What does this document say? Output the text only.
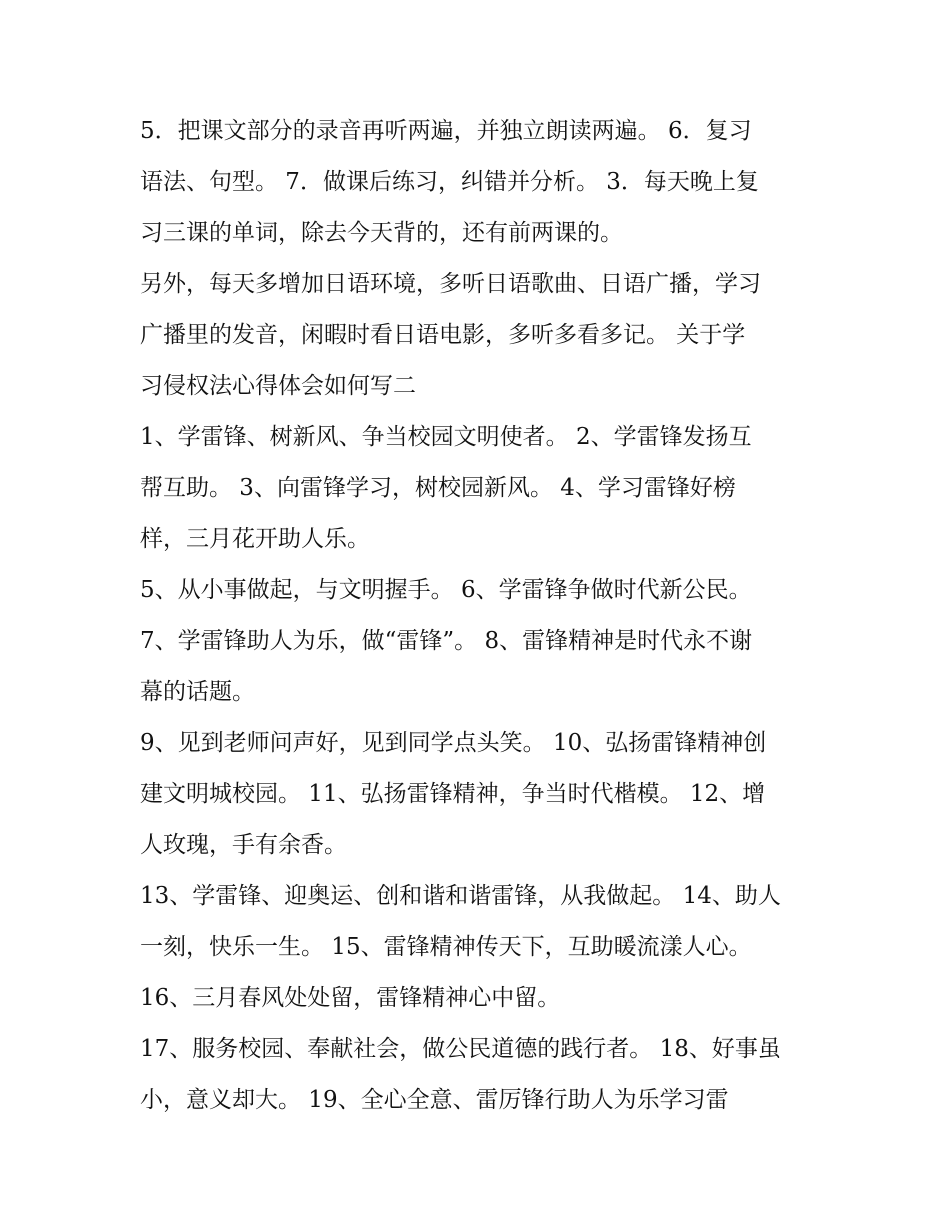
5．把课文部分的录音再听两遍，并独立朗读两遍。 6．复习
语法、句型。 7．做课后练习，纠错并分析。 3．每天晚上复
习三课的单词，除去今天背的，还有前两课的。
另外，每天多增加日语环境，多听日语歌曲、日语广播，学习
广播里的发音，闲暇时看日语电影，多听多看多记。 关于学
习侵权法心得体会如何写二
1、学雷锋、树新风、争当校园文明使者。 2、学雷锋发扬互
帮互助。 3、向雷锋学习，树校园新风。 4、学习雷锋好榜
样，三月花开助人乐。
5、从小事做起，与文明握手。 6、学雷锋争做时代新公民。
7、学雷锋助人为乐，做“雷锋”。 8、雷锋精神是时代永不谢
幕的话题。
9、见到老师问声好，见到同学点头笑。 10、弘扬雷锋精神创
建文明城校园。 11、弘扬雷锋精神，争当时代楷模。 12、增
人玫瑰，手有余香。
13、学雷锋、迎奥运、创和谐和谐雷锋，从我做起。 14、助人
一刻，快乐一生。 15、雷锋精神传天下，互助暖流漾人心。
16、三月春风处处留，雷锋精神心中留。
17、服务校园、奉献社会，做公民道德的践行者。 18、好事虽
小，意义却大。 19、全心全意、雷厉锋行助人为乐学习雷
